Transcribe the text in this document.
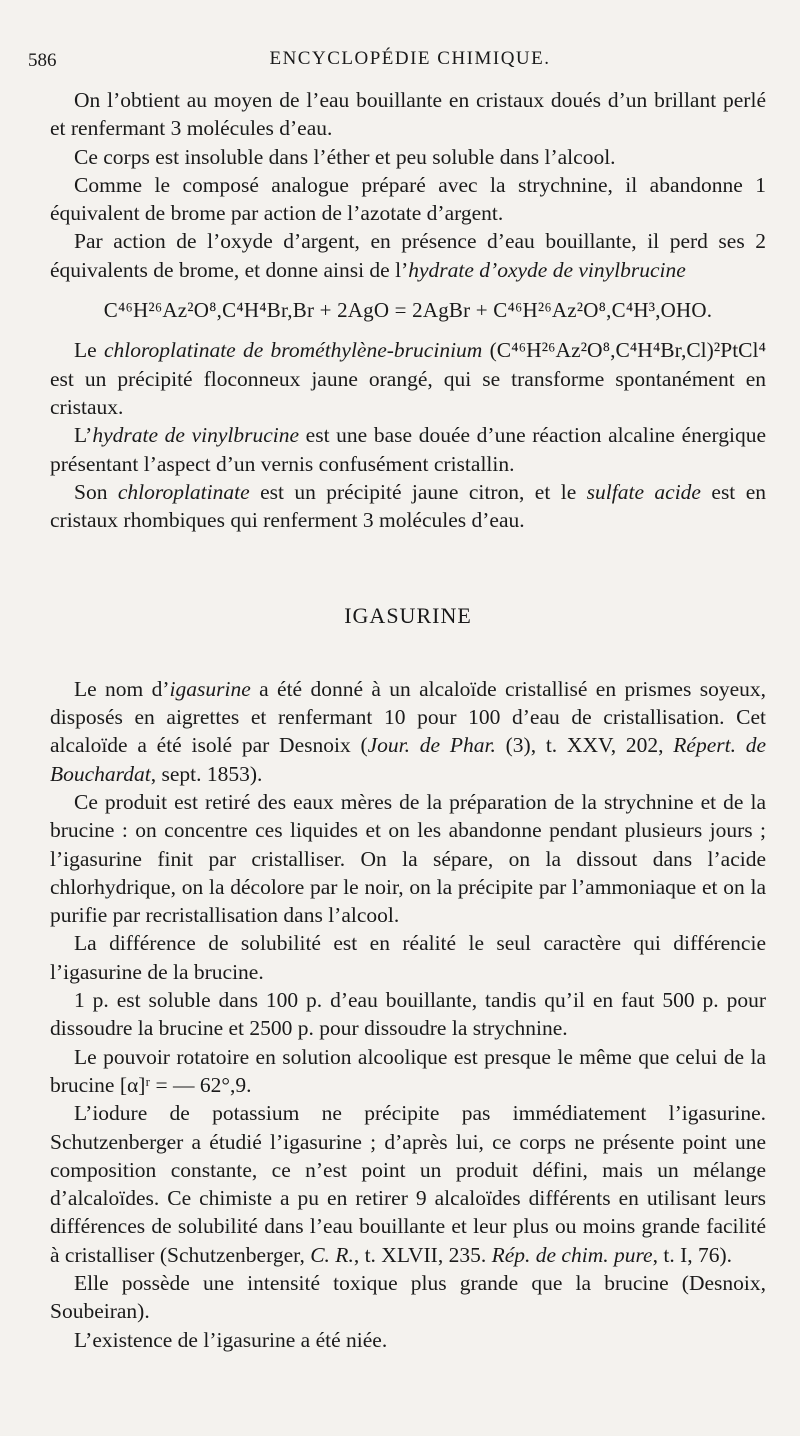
586	ENCYCLOPÉDIE CHIMIQUE.

On l’obtient au moyen de l’eau bouillante en cristaux doués d’un brillant perlé et renfermant 3 molécules d’eau.

Ce corps est insoluble dans l’éther et peu soluble dans l’alcool.

Comme le composé analogue préparé avec la strychnine, il abandonne 1 équivalent de brome par action de l’azotate d’argent.

Par action de l’oxyde d’argent, en présence d’eau bouillante, il perd ses 2 équivalents de brome, et donne ainsi de l’hydrate d’oxyde de vinylbrucine

C⁴⁶H²⁶Az²O⁸,C⁴H⁴Br,Br + 2AgO = 2AgBr + C⁴⁶H²⁶Az²O⁸,C⁴H³,OHO.

Le chloroplatinate de brométhylène-brucinium (C⁴⁶H²⁶Az²O⁸,C⁴H⁴Br,Cl)²PtCl⁴ est un précipité floconneux jaune orangé, qui se transforme spontanément en cristaux.

L’hydrate de vinylbrucine est une base douée d’une réaction alcaline énergique présentant l’aspect d’un vernis confusément cristallin.

Son chloroplatinate est un précipité jaune citron, et le sulfate acide est en cristaux rhombiques qui renferment 3 molécules d’eau.

IGASURINE

Le nom d’igasurine a été donné à un alcaloïde cristallisé en prismes soyeux, disposés en aigrettes et renfermant 10 pour 100 d’eau de cristallisation. Cet alcaloïde a été isolé par Desnoix (Jour. de Phar. (3), t. XXV, 202, Répert. de Bouchardat, sept. 1853).

Ce produit est retiré des eaux mères de la préparation de la strychnine et de la brucine : on concentre ces liquides et on les abandonne pendant plusieurs jours ; l’igasurine finit par cristalliser. On la sépare, on la dissout dans l’acide chlorhydrique, on la décolore par le noir, on la précipite par l’ammoniaque et on la purifie par recristallisation dans l’alcool.

La différence de solubilité est en réalité le seul caractère qui différencie l’igasurine de la brucine.

1 p. est soluble dans 100 p. d’eau bouillante, tandis qu’il en faut 500 p. pour dissoudre la brucine et 2500 p. pour dissoudre la strychnine.

Le pouvoir rotatoire en solution alcoolique est presque le même que celui de la brucine [α]ʳ = — 62°,9.

L’iodure de potassium ne précipite pas immédiatement l’igasurine. Schutzenberger a étudié l’igasurine ; d’après lui, ce corps ne présente point une composition constante, ce n’est point un produit défini, mais un mélange d’alcaloïdes. Ce chimiste a pu en retirer 9 alcaloïdes différents en utilisant leurs différences de solubilité dans l’eau bouillante et leur plus ou moins grande facilité à cristalliser (Schutzenberger, C. R., t. XLVII, 235. Rép. de chim. pure, t. I, 76).

Elle possède une intensité toxique plus grande que la brucine (Desnoix, Soubeiran).

L’existence de l’igasurine a été niée.
